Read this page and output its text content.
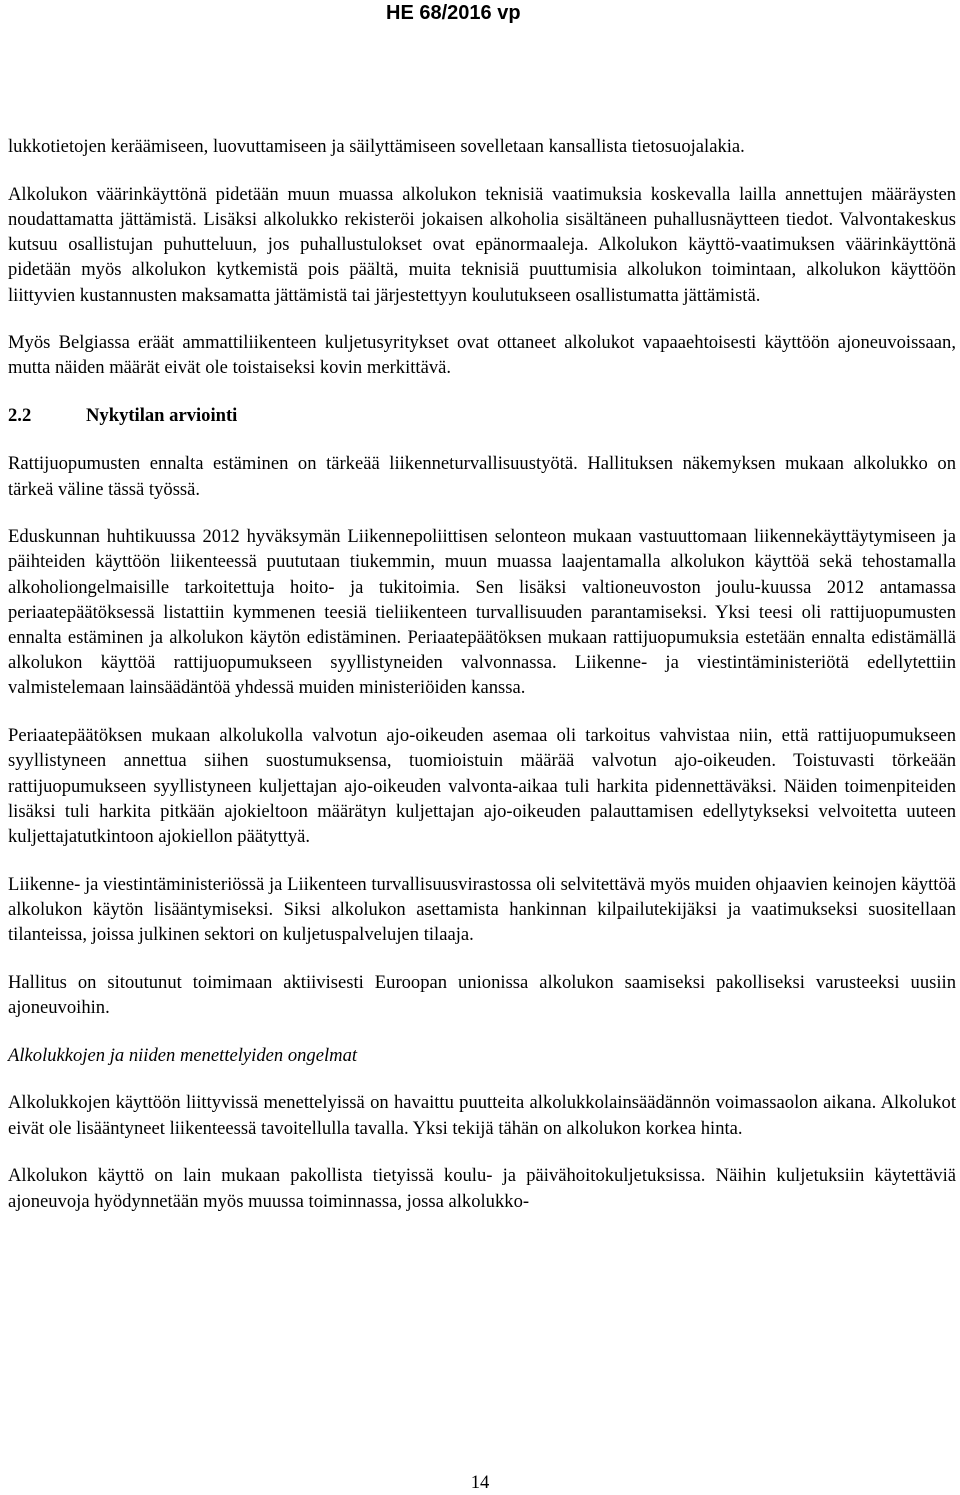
HE 68/2016 vp

lukkotietojen keräämiseen, luovuttamiseen ja säilyttämiseen sovelletaan kansallista tietosuojalakia.

Alkolukon väärinkäyttönä pidetään muun muassa alkolukon teknisiä vaatimuksia koskevalla lailla annettujen määräysten noudattamatta jättämistä. Lisäksi alkolukko rekisteröi jokaisen alkoholia sisältäneen puhallusnäytteen tiedot. Valvontakeskus kutsuu osallistujan puhutteluun, jos puhallustulokset ovat epänormaaleja. Alkolukon käyttö-vaatimuksen väärinkäyttönä pidetään myös alkolukon kytkemistä pois päältä, muita teknisiä puuttumisia alkolukon toimintaan, alkolukon käyttöön liittyvien kustannusten maksamatta jättämistä tai järjestettyyn koulutukseen osallistumatta jättämistä.

Myös Belgiassa eräät ammattiliikenteen kuljetusyritykset ovat ottaneet alkolukot vapaaehtoisesti käyttöön ajoneuvoissaan, mutta näiden määrät eivät ole toistaiseksi kovin merkittävä.

2.2	Nykytilan arviointi

Rattijuopumusten ennalta estäminen on tärkeää liikenneturvallisuustyötä. Hallituksen näkemyksen mukaan alkolukko on tärkeä väline tässä työssä.

Eduskunnan huhtikuussa 2012 hyväksymän Liikennepoliittisen selonteon mukaan vastuuttomaan liikennekäyttäytymiseen ja päihteiden käyttöön liikenteessä puututaan tiukemmin, muun muassa laajentamalla alkolukon käyttöä sekä tehostamalla alkoholiongelmaisille tarkoitettuja hoito- ja tukitoimia. Sen lisäksi valtioneuvoston joulu-kuussa 2012 antamassa periaatepäätöksessä listattiin kymmenen teesiä tieliikenteen turvallisuuden parantamiseksi. Yksi teesi oli rattijuopumusten ennalta estäminen ja alkolukon käytön edistäminen. Periaatepäätöksen mukaan rattijuopumuksia estetään ennalta edistämällä alkolukon käyttöä rattijuopumukseen syyllistyneiden valvonnassa. Liikenne- ja viestintäministeriötä edellytettiin valmistelemaan lainsäädäntöä yhdessä muiden ministeriöiden kanssa.

Periaatepäätöksen mukaan alkolukolla valvotun ajo-oikeuden asemaa oli tarkoitus vahvistaa niin, että rattijuopumukseen syyllistyneen annettua siihen suostumuksensa, tuomioistuin määrää valvotun ajo-oikeuden. Toistuvasti törkeään rattijuopumukseen syyllistyneen kuljettajan ajo-oikeuden valvonta-aikaa tuli harkita pidennettäväksi. Näiden toimenpiteiden lisäksi tuli harkita pitkään ajokieltoon määrätyn kuljettajan ajo-oikeuden palauttamisen edellytykseksi velvoitettа uuteen kuljettajatutkintoon ajokiellon päätyttyä.

Liikenne- ja viestintäministeriössä ja Liikenteen turvallisuusvirastossa oli selvitettävä myös muiden ohjaavien keinojen käyttöä alkolukon käytön lisääntymiseksi. Siksi alkolukon asettamista hankinnan kilpailutekijäksi ja vaatimukseksi suositellaan tilanteissa, joissa julkinen sektori on kuljetuspalvelujen tilaaja.

Hallitus on sitoutunut toimimaan aktiivisesti Euroopan unionissa alkolukon saamiseksi pakolliseksi varusteeksi uusiin ajoneuvoihin.

Alkolukkojen ja niiden menettelyiden ongelmat

Alkolukkojen käyttöön liittyvissä menettelyissä on havaittu puutteita alkolukkolainsäädännön voimassaolon aikana. Alkolukot eivät ole lisääntyneet liikenteessä tavoitellulla tavalla. Yksi tekijä tähän on alkolukon korkea hinta.

Alkolukon käyttö on lain mukaan pakollista tietyissä koulu- ja päivähoitokuljetuksissa. Näihin kuljetuksiin käytettäviä ajoneuvoja hyödynnetään myös muussa toiminnassa, jossa alkolukko-

14
